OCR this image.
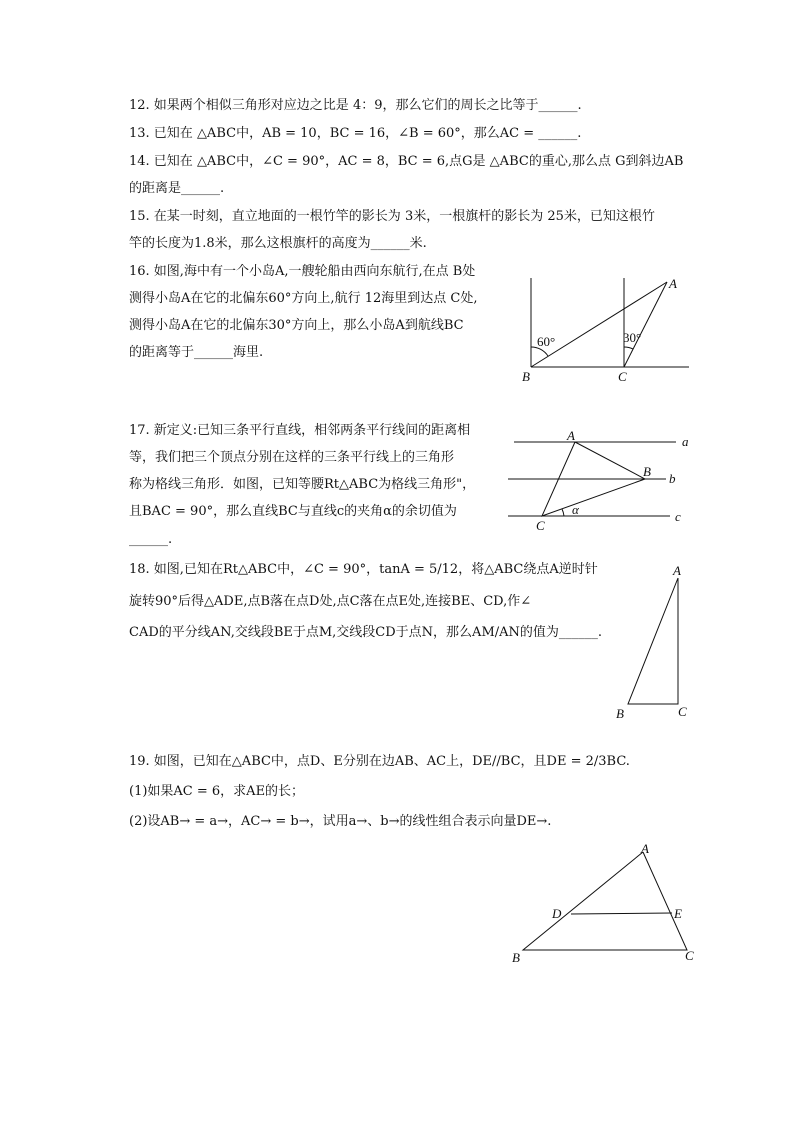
12. 如果两个相似三角形对应边之比是 4：9，那么它们的周长之比等于______.
13. 已知在 △ABC中，AB = 10，BC = 16，∠B = 60°，那么AC = ______.
14. 已知在 △ABC中，∠C = 90°，AC = 8，BC = 6,点G是 △ABC的重心,那么点 G到斜边AB
的距离是______.
15. 在某一时刻，直立地面的一根竹竿的影长为 3米，一根旗杆的影长为 25米，已知这根竹
竿的长度为1.8米，那么这根旗杆的高度为______米.
16. 如图,海中有一个小岛A,一艘轮船由西向东航行,在点 B处
测得小岛A在它的北偏东60°方向上,航行 12海里到达点 C处,
测得小岛A在它的北偏东30°方向上，那么小岛A到航线BC
的距离等于______海里.
17. 新定义:已知三条平行直线，相邻两条平行线间的距离相
等，我们把三个顶点分别在这样的三条平行线上的三角形
称为格线三角形．如图，已知等腰Rt△ABC为格线三角形"，
且BAC = 90°，那么直线BC与直线c的夹角α的余切值为
______.
18. 如图,已知在Rt△ABC中，∠C = 90°，tanA = 5/12，将△ABC绕点A逆时针
旋转90°后得△ADE,点B落在点D处,点C落在点E处,连接BE、CD,作∠
CAD的平分线AN,交线段BE于点M,交线段CD于点N，那么AM/AN的值为______.
19. 如图，已知在△ABC中，点D、E分别在边AB、AC上，DE//BC，且DE = 2/3BC.
(1)如果AC = 6，求AE的长；
(2)设AB→ = a→，AC→ = b→，试用a→、b→的线性组合表示向量DE→.
A
B	C
60°	30°
A
B
C
a
b
c
α
A
B	C
A
B	C
D	E
